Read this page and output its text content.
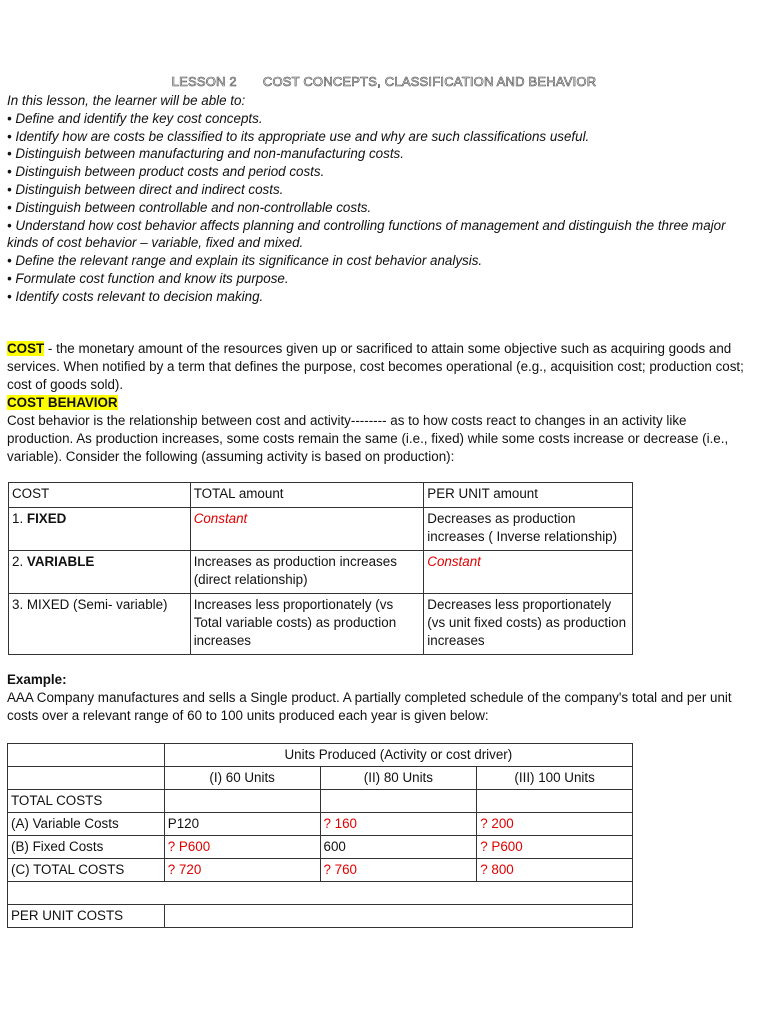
LESSON 2 COST CONCEPTS, CLASSIFICATION AND BEHAVIOR
In this lesson, the learner will be able to:
• Define and identify the key cost concepts.
• Identify how are costs be classified to its appropriate use and why are such classifications useful.
• Distinguish between manufacturing and non-manufacturing costs.
• Distinguish between product costs and period costs.
• Distinguish between direct and indirect costs.
• Distinguish between controllable and non-controllable costs.
• Understand how cost behavior affects planning and controlling functions of management and distinguish the three major kinds of cost behavior – variable, fixed and mixed.
• Define the relevant range and explain its significance in cost behavior analysis.
• Formulate cost function and know its purpose.
• Identify costs relevant to decision making.
COST - the monetary amount of the resources given up or sacrificed to attain some objective such as acquiring goods and services. When notified by a term that defines the purpose, cost becomes operational (e.g., acquisition cost; production cost; cost of goods sold).
COST BEHAVIOR
Cost behavior is the relationship between cost and activity-------- as to how costs react to changes in an activity like production. As production increases, some costs remain the same (i.e., fixed) while some costs increase or decrease (i.e., variable). Consider the following (assuming activity is based on production):
COST	TOTAL amount	PER UNIT amount
1. FIXED	Constant	Decreases as production increases ( Inverse relationship)
2. VARIABLE	Increases as production increases (direct relationship)	Constant
3. MIXED (Semi- variable)	Increases less proportionately (vs Total variable costs) as production increases	Decreases less proportionately (vs unit fixed costs) as production increases
Example:
AAA Company manufactures and sells a Single product. A partially completed schedule of the company's total and per unit costs over a relevant range of 60 to 100 units produced each year is given below:
	Units Produced (Activity or cost driver)		
	(I) 60 Units	(II) 80 Units	(III) 100 Units
TOTAL COSTS			
(A) Variable Costs	P120	? 160	? 200
(B) Fixed Costs	? P600	600	? P600
(C) TOTAL COSTS	? 720	? 760	? 800

PER UNIT COSTS			
